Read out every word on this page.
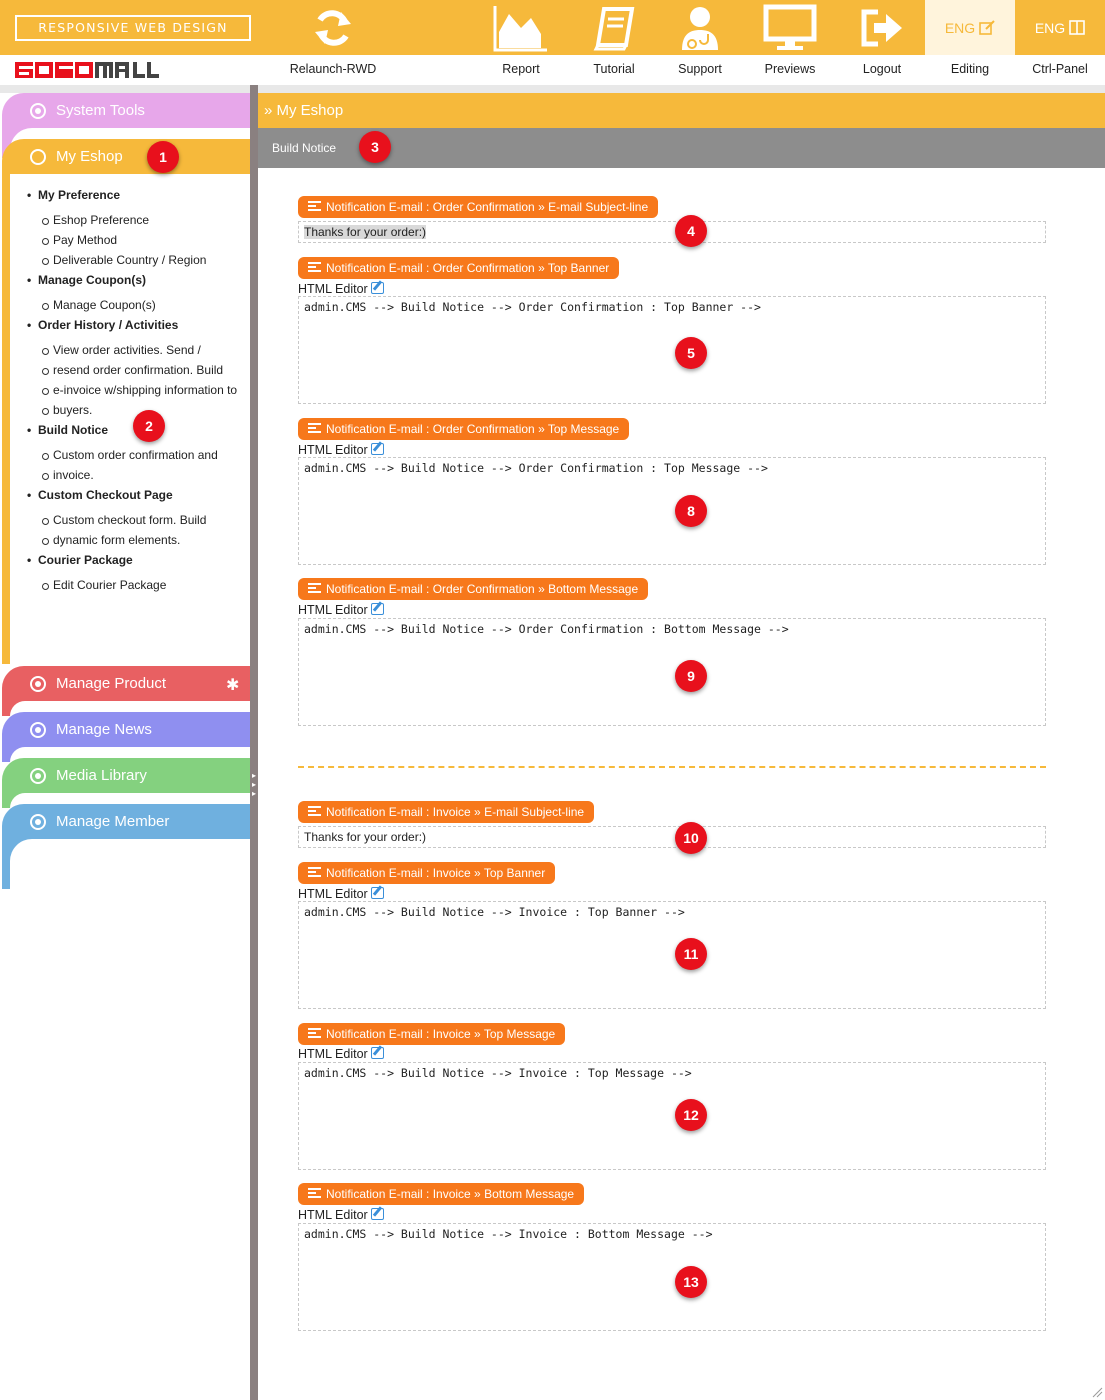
RESPONSIVE WEB DESIGN	ENG	ENG
Relaunch-RWD	Report	Tutorial	Support	Previews	Logout	Editing	Ctrl-Panel
System Tools
My Eshop
• My Preference
Eshop Preference
Pay Method
Deliverable Country / Region
• Manage Coupon(s)
Manage Coupon(s)
• Order History / Activities
View order activities. Send /
resend order confirmation. Build
e-invoice w/shipping information to
buyers.
• Build Notice
Custom order confirmation and
invoice.
• Custom Checkout Page
Custom checkout form. Build
dynamic form elements.
• Courier Package
Edit Courier Package
Manage Product	✱
Manage News
Media Library
Manage Member
▸
▸
▸
» My Eshop
Build Notice
Notification E-mail : Order Confirmation » E-mail Subject-line
Thanks for your order:)
Notification E-mail : Order Confirmation » Top Banner
HTML Editor
admin.CMS --> Build Notice --> Order Confirmation : Top Banner -->
Notification E-mail : Order Confirmation » Top Message
HTML Editor
admin.CMS --> Build Notice --> Order Confirmation : Top Message -->
Notification E-mail : Order Confirmation » Bottom Message
HTML Editor
admin.CMS --> Build Notice --> Order Confirmation : Bottom Message -->
Notification E-mail : Invoice » E-mail Subject-line
Thanks for your order:)
Notification E-mail : Invoice » Top Banner
HTML Editor
admin.CMS --> Build Notice --> Invoice : Top Banner -->
Notification E-mail : Invoice » Top Message
HTML Editor
admin.CMS --> Build Notice --> Invoice : Top Message -->
Notification E-mail : Invoice » Bottom Message
HTML Editor
admin.CMS --> Build Notice --> Invoice : Bottom Message -->
1
2
3
4
5
8
9
10
11
12
13
